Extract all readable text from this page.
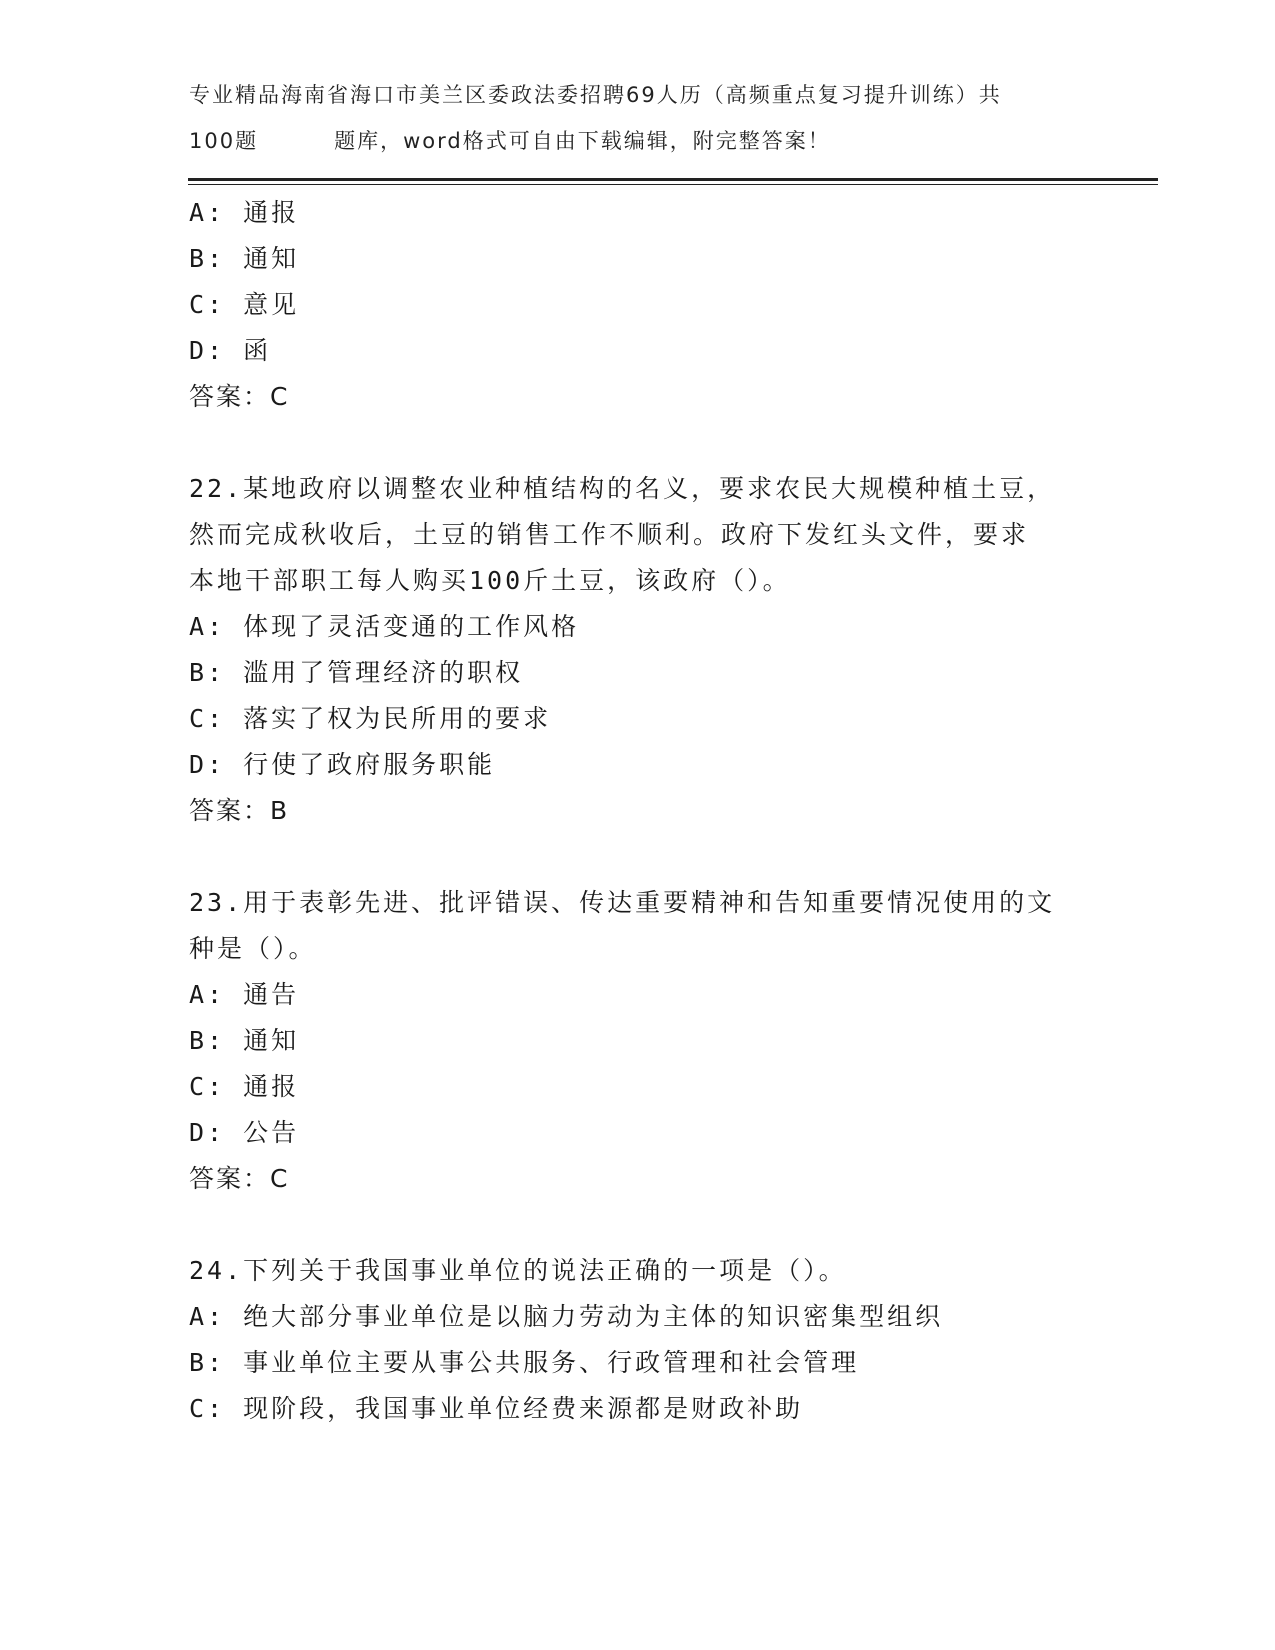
专业精品海南省海口市美兰区委政法委招聘69人历（高频重点复习提升训练）共
100题	题库，word格式可自由下载编辑，附完整答案！
A: 通报
B: 通知
C: 意见
D: 函
答案：C
22.某地政府以调整农业种植结构的名义，要求农民大规模种植土豆，
然而完成秋收后，土豆的销售工作不顺利。政府下发红头文件，要求
本地干部职工每人购买100斤土豆，该政府（）。
A: 体现了灵活变通的工作风格
B: 滥用了管理经济的职权
C: 落实了权为民所用的要求
D: 行使了政府服务职能
答案：B
23.用于表彰先进、批评错误、传达重要精神和告知重要情况使用的文
种是（）。
A: 通告
B: 通知
C: 通报
D: 公告
答案：C
24.下列关于我国事业单位的说法正确的一项是（）。
A: 绝大部分事业单位是以脑力劳动为主体的知识密集型组织
B: 事业单位主要从事公共服务、行政管理和社会管理
C: 现阶段，我国事业单位经费来源都是财政补助
